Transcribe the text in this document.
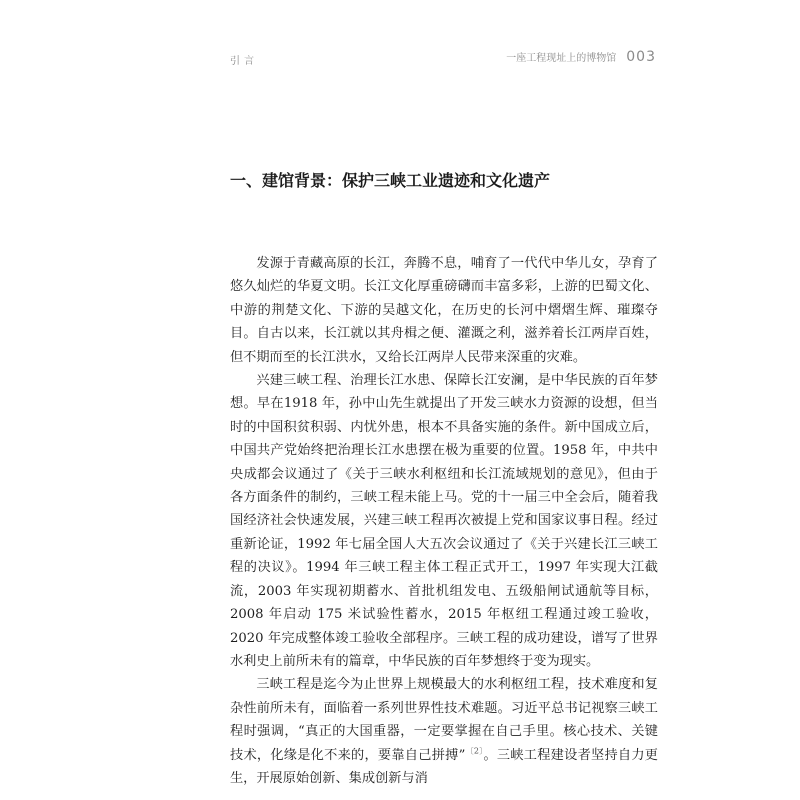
引言	一座工程现址上的博物馆 003
一、建馆背景：保护三峡工业遗迹和文化遗产

发源于青藏高原的长江，奔腾不息，哺育了一代代中华儿女，孕育了悠久灿烂的华夏文明。长江文化厚重磅礴而丰富多彩，上游的巴蜀文化、中游的荆楚文化、下游的吴越文化，在历史的长河中熠熠生辉、璀璨夺目。自古以来，长江就以其舟楫之便、灌溉之利，滋养着长江两岸百姓，但不期而至的长江洪水，又给长江两岸人民带来深重的灾难。

兴建三峡工程、治理长江水患、保障长江安澜，是中华民族的百年梦想。早在1918 年，孙中山先生就提出了开发三峡水力资源的设想，但当时的中国积贫积弱、内忧外患，根本不具备实施的条件。新中国成立后，中国共产党始终把治理长江水患摆在极为重要的位置。1958 年，中共中央成都会议通过了《关于三峡水利枢纽和长江流域规划的意见》，但由于各方面条件的制约，三峡工程未能上马。党的十一届三中全会后，随着我国经济社会快速发展，兴建三峡工程再次被提上党和国家议事日程。经过重新论证，1992 年七届全国人大五次会议通过了《关于兴建长江三峡工程的决议》。1994 年三峡工程主体工程正式开工，1997 年实现大江截流，2003 年实现初期蓄水、首批机组发电、五级船闸试通航等目标，2008 年启动 175 米试验性蓄水，2015 年枢纽工程通过竣工验收，2020 年完成整体竣工验收全部程序。三峡工程的成功建设，谱写了世界水利史上前所未有的篇章，中华民族的百年梦想终于变为现实。

三峡工程是迄今为止世界上规模最大的水利枢纽工程，技术难度和复杂性前所未有，面临着一系列世界性技术难题。习近平总书记视察三峡工程时强调，“真正的大国重器，一定要掌握在自己手里。核心技术、关键技术，化缘是化不来的，要靠自己拼搏”$^{〔2〕}$。三峡工程建设者坚持自力更生，开展原始创新、集成创新与消
